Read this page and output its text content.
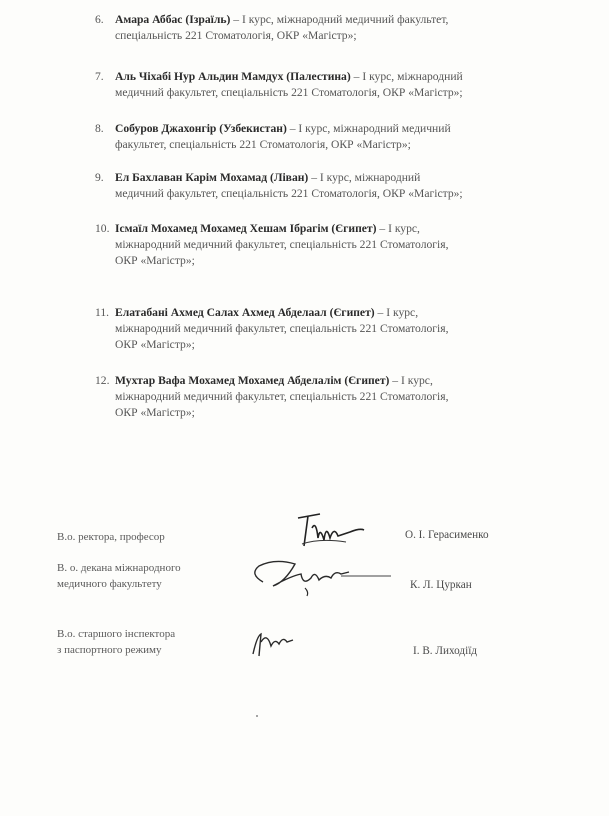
6. Амара Аббас (Ізраїль) – I курс, міжнародний медичний факультет,
спеціальність 221 Стоматологія, ОКР «Магістр»;
7. Аль Чіхабі Нур Альдин Мамдух (Палестина) – I курс, міжнародний
медичний факультет, спеціальність 221 Стоматологія, ОКР «Магістр»;
8. Собуров Джахонгір (Узбекистан) – I курс, міжнародний медичний
факультет, спеціальність 221 Стоматологія, ОКР «Магістр»;
9. Ел Бахлаван Карім Мохамад (Ліван) – I курс, міжнародний
медичний факультет, спеціальність 221 Стоматологія, ОКР «Магістр»;
10. Ісмаїл Мохамед Мохамед Хешам Ібрагім (Єгипет) – I курс,
міжнародний медичний факультет, спеціальність 221 Стоматологія,
ОКР «Магістр»;
11. Елатабані Ахмед Салах Ахмед Абделаал (Єгипет) – I курс,
міжнародний медичний факультет, спеціальність 221 Стоматологія,
ОКР «Магістр»;
12. Мухтар Вафа Мохамед Мохамед Абделалім (Єгипет) – I курс,
міжнародний медичний факультет, спеціальність 221 Стоматологія,
ОКР «Магістр»;
В.о. ректора, професор	О. І. Герасименко
В. о. декана міжнародного
медичного факультету	К. Л. Цуркан
В.о. старшого інспектора
з паспортного режиму	І. В. Лиходіїд
